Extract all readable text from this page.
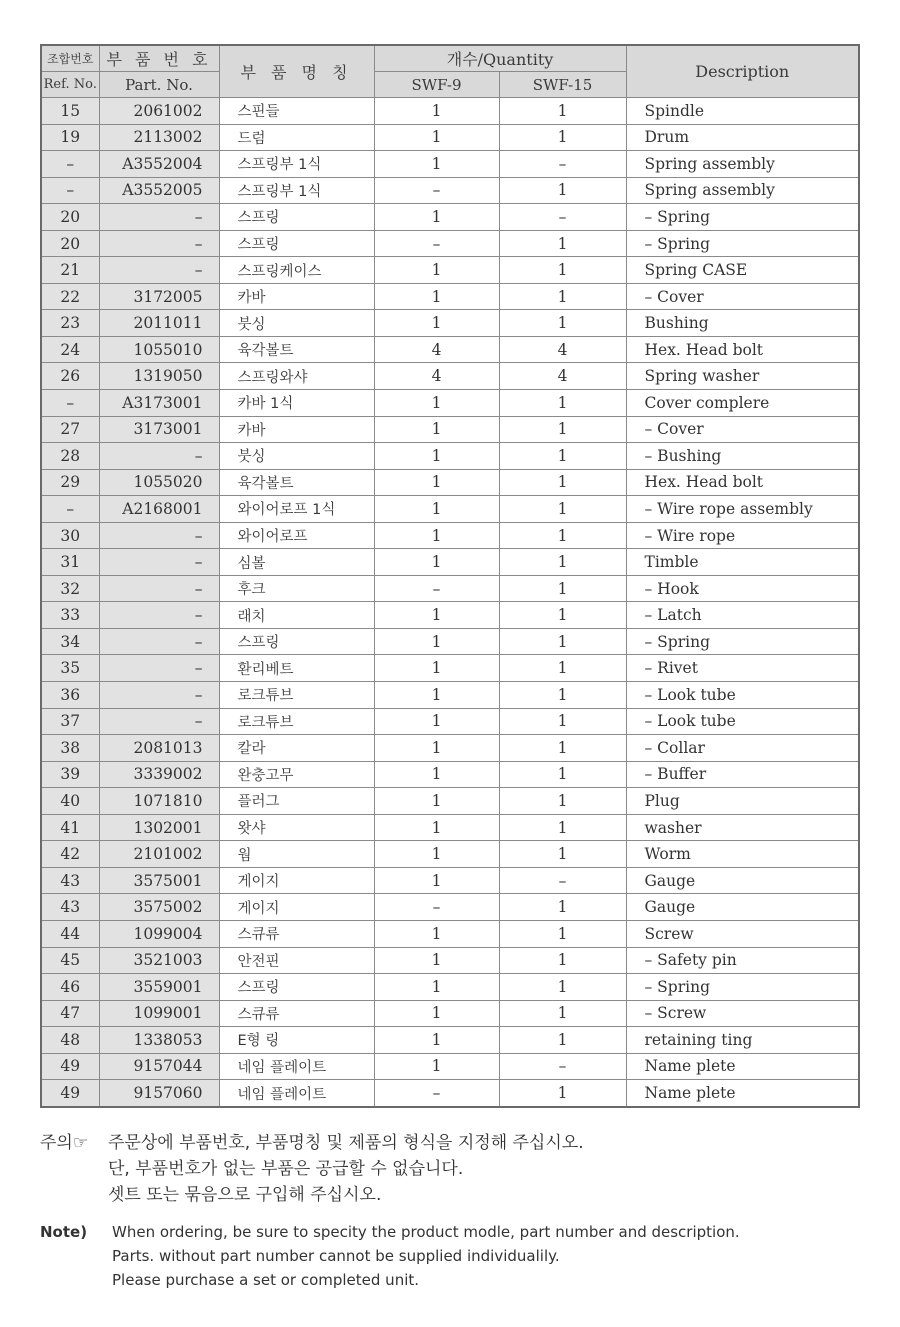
조합번호	부 품 번 호	부 품 명 칭	개수/Quantity		Description
Ref. No.	Part. No.		SWF-9	SWF-15	
15	2061002	스핀들	1	1	Spindle
19	2113002	드럼	1	1	Drum
–	A3552004	스프링부 1식	1	–	Spring assembly
–	A3552005	스프링부 1식	–	1	Spring assembly
20	–	스프링	1	–	– Spring
20	–	스프링	–	1	– Spring
21	–	스프링케이스	1	1	Spring CASE
22	3172005	카바	1	1	– Cover
23	2011011	붓싱	1	1	Bushing
24	1055010	육각볼트	4	4	Hex. Head bolt
26	1319050	스프링와샤	4	4	Spring washer
–	A3173001	카바 1식	1	1	Cover complere
27	3173001	카바	1	1	– Cover
28	–	붓싱	1	1	– Bushing
29	1055020	육각볼트	1	1	Hex. Head bolt
–	A2168001	와이어로프 1식	1	1	– Wire rope assembly
30	–	와이어로프	1	1	– Wire rope
31	–	심볼	1	1	Timble
32	–	후크	–	1	– Hook
33	–	래치	1	1	– Latch
34	–	스프링	1	1	– Spring
35	–	환리베트	1	1	– Rivet
36	–	로크튜브	1	1	– Look tube
37	–	로크튜브	1	1	– Look tube
38	2081013	칼라	1	1	– Collar
39	3339002	완충고무	1	1	– Buffer
40	1071810	플러그	1	1	Plug
41	1302001	왓샤	1	1	washer
42	2101002	웜	1	1	Worm
43	3575001	게이지	1	–	Gauge
43	3575002	게이지	–	1	Gauge
44	1099004	스큐류	1	1	Screw
45	3521003	안전핀	1	1	– Safety pin
46	3559001	스프링	1	1	– Spring
47	1099001	스큐류	1	1	– Screw
48	1338053	E형 링	1	1	retaining ting
49	9157044	네임 플레이트	1	–	Name plete
49	9157060	네임 플레이트	–	1	Name plete
주의☞ 주문상에 부품번호, 부품명칭 및 제품의 형식을 지정해 주십시오.
단, 부품번호가 없는 부품은 공급할 수 없습니다.
셋트 또는 묶음으로 구입해 주십시오.
Note) When ordering, be sure to specity the product modle, part number and description.
Parts. without part number cannot be supplied individualily.
Please purchase a set or completed unit.
